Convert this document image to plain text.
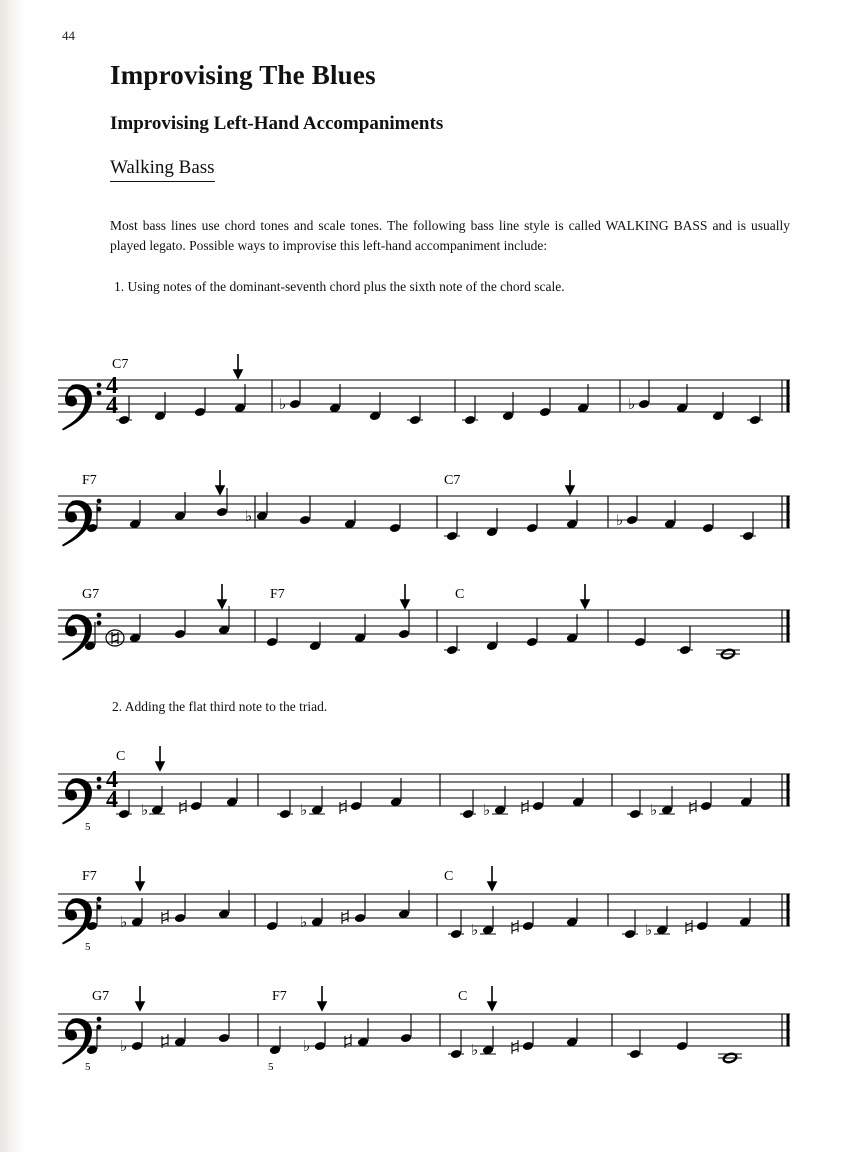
44
Improvising The Blues
Improvising Left-Hand Accompaniments
Walking Bass

Most bass lines use chord tones and scale tones. The following bass line style is called WALKING BASS and is usually played legato. Possible ways to improvise this left-hand accompaniment include:

1. Using notes of the dominant-seventh chord plus the sixth note of the chord scale.

4
4
C7
♭	♭
F7	C7
♭	♭
G7	F7	C

2. Adding the flat third note to the triad.

4
4
C
5
♭	♭	♭	♭
F7	C
5
♭	♭	♭	♭
G7	F7	C
5	5
♭	♭	♭
